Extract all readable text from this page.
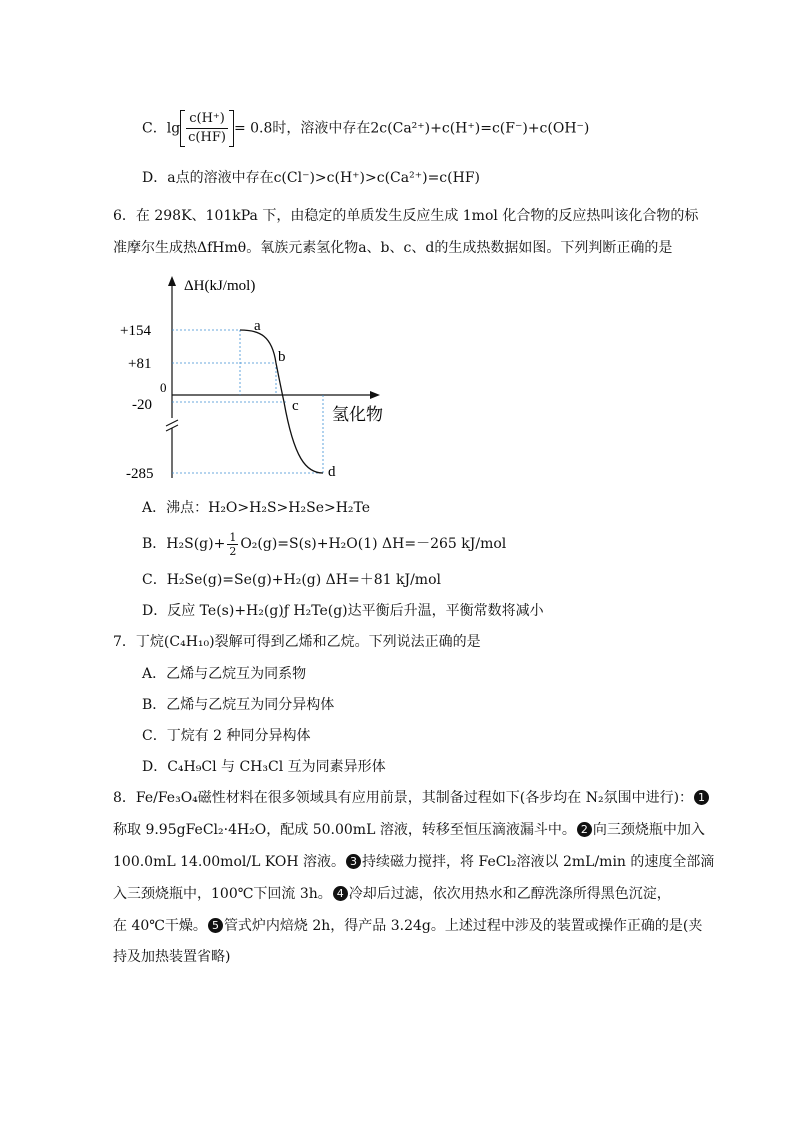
C．$\lg \frac{c(H^+)}{c(HF)} = 0.8$时，溶液中存在2c(Ca²⁺)+c(H⁺)=c(F⁻)+c(OH⁻)
D．a点的溶液中存在c(Cl⁻)>c(H⁺)>c(Ca²⁺)=c(HF)
6．在 298K、101kPa 下，由稳定的单质发生反应生成 1mol 化合物的反应热叫该化合物的标
准摩尔生成热ΔfHmθ。氧族元素氢化物a、b、c、d的生成热数据如图。下列判断正确的是
ΔH(kJ/mol)
+154
+81
0
-20
-285
a
b
c
d
氢化物
A．沸点：H₂O>H₂S>H₂Se>H₂Te
B．$H_2S(g)+ \frac{1}{2} O_2(g)=S(s)+H_2O(1)$ ΔH=－265 kJ/mol
C．H₂Se(g)=Se(g)+H₂(g) ΔH=＋81 kJ/mol
D．反应 Te(s)+H₂(g)ƒ H₂Te(g)达平衡后升温，平衡常数将减小
7．丁烷(C₄H₁₀)裂解可得到乙烯和乙烷。下列说法正确的是
A．乙烯与乙烷互为同系物
B．乙烯与乙烷互为同分异构体
C．丁烷有 2 种同分异构体
D．C₄H₉Cl 与 CH₃Cl 互为同素异形体
8．Fe/Fe₃O₄磁性材料在很多领域具有应用前景，其制备过程如下(各步均在 N₂氛围中进行)： 1
称取 9.95gFeCl₂·4H₂O，配成 50.00mL 溶液，转移至恒压滴液漏斗中。 2 向三颈烧瓶中加入
100.0mL 14.00mol/L KOH 溶液。 3 持续磁力搅拌，将 FeCl₂溶液以 2mL/min 的速度全部滴
入三颈烧瓶中，100℃下回流 3h。 4 冷却后过滤，依次用热水和乙醇洗涤所得黑色沉淀，
在 40℃干燥。 5 管式炉内焙烧 2h，得产品 3.24g。上述过程中涉及的装置或操作正确的是(夹
持及加热装置省略)
